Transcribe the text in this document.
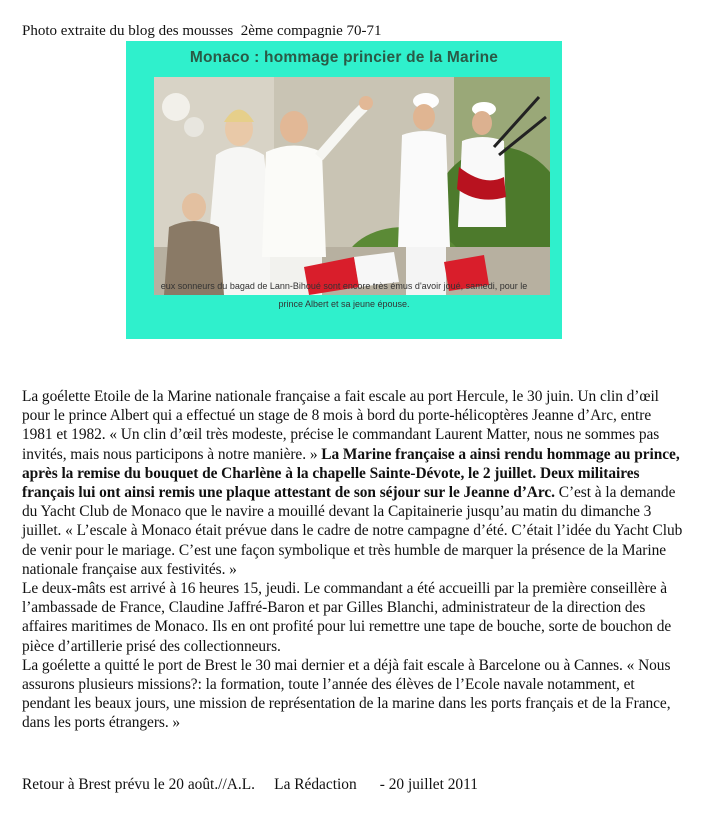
Photo extraite du blog des mousses  2ème compagnie 70-71
Monaco : hommage princier de la Marine
eux sonneurs du bagad de Lann-Bihoué sont encore très émus d'avoir joué, samedi, pour le
prince Albert et sa jeune épouse.

La goélette Etoile de la Marine nationale française a fait escale au port Hercule, le 30 juin. Un clin d’œil pour le prince Albert qui a effectué un stage de 8 mois à bord du porte-hélicoptères Jeanne d’Arc, entre 1981 et 1982. « Un clin d’œil très modeste, précise le commandant Laurent Matter, nous ne sommes pas invités, mais nous participons à notre manière. » La Marine française a ainsi rendu hommage au prince, après la remise du bouquet de Charlène à la chapelle Sainte-Dévote, le 2 juillet. Deux militaires français lui ont ainsi remis une plaque attestant de son séjour sur le Jeanne d’Arc. C’est à la demande du Yacht Club de Monaco que le navire a mouillé devant la Capitainerie jusqu’au matin du dimanche 3 juillet. « L’escale à Monaco était prévue dans le cadre de notre campagne d’été. C’était l’idée du Yacht Club de venir pour le mariage. C’est une façon symbolique et très humble de marquer la présence de la Marine nationale française aux festivités. »

Le deux-mâts est arrivé à 16 heures 15, jeudi. Le commandant a été accueilli par la première conseillère à l’ambassade de France, Claudine Jaffré-Baron et par Gilles Blanchi, administrateur de la direction des affaires maritimes de Monaco. Ils en ont profité pour lui remettre une tape de bouche, sorte de bouchon de pièce d’artillerie prisé des collectionneurs.

La goélette a quitté le port de Brest le 30 mai dernier et a déjà fait escale à Barcelone ou à Cannes. « Nous assurons plusieurs missions?: la formation, toute l’année des élèves de l’Ecole navale notamment, et pendant les beaux jours, une mission de représentation de la marine dans les ports français et de la France, dans les ports étrangers. »

Retour à Brest prévu le 20 août.//A.L.     La Rédaction      - 20 juillet 2011
